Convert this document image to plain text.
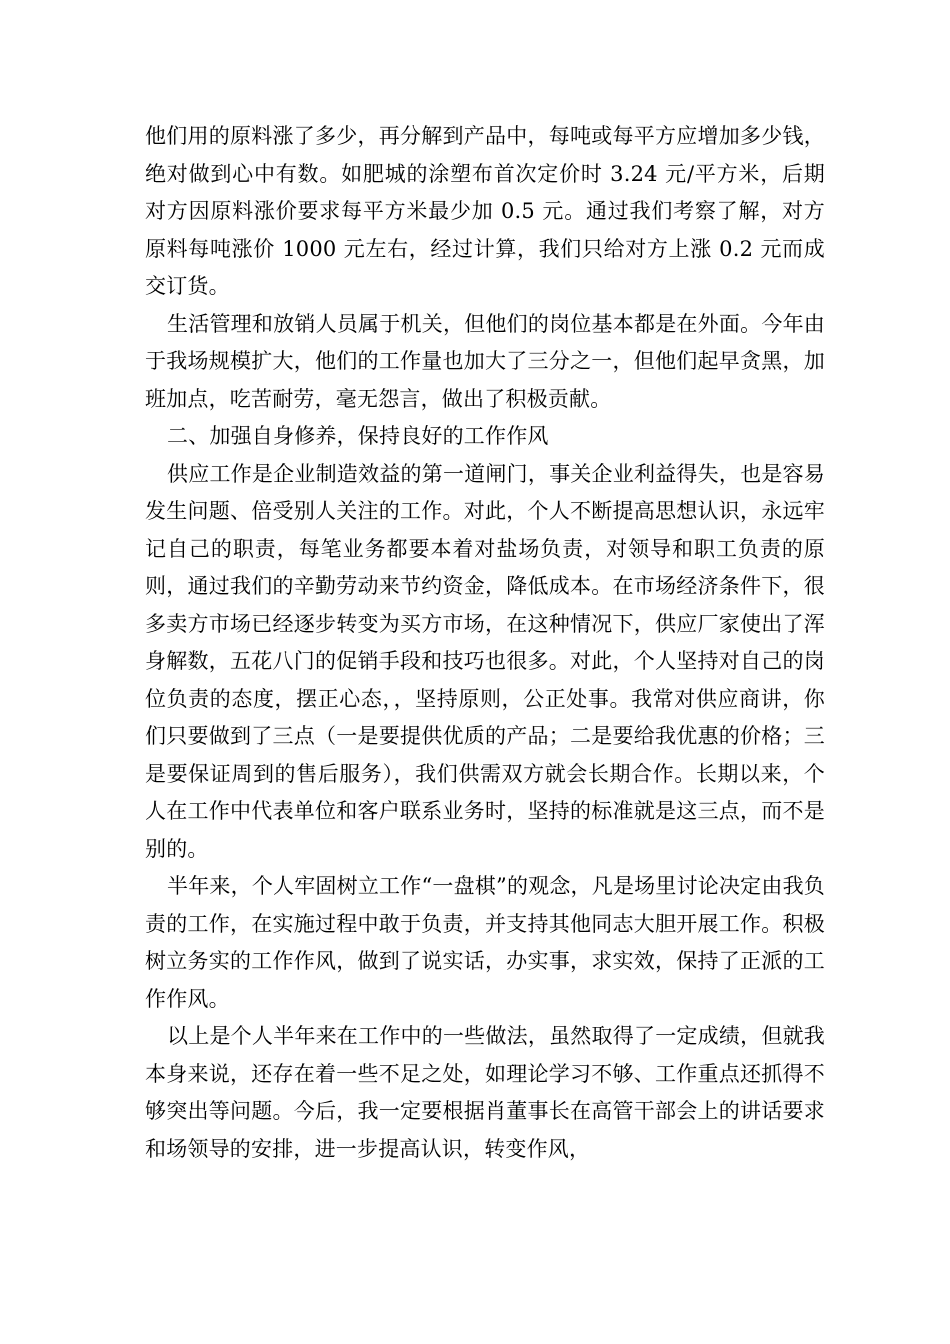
他们用的原料涨了多少，再分解到产品中，每吨或每平方应增加多少钱，绝对做到心中有数。如肥城的涂塑布首次定价时 3.24 元/平方米，后期对方因原料涨价要求每平方米最少加 0.5 元。通过我们考察了解，对方原料每吨涨价 1000 元左右，经过计算，我们只给对方上涨 0.2 元而成交订货。

生活管理和放销人员属于机关，但他们的岗位基本都是在外面。今年由于我场规模扩大，他们的工作量也加大了三分之一，但他们起早贪黑，加班加点，吃苦耐劳，毫无怨言，做出了积极贡献。

二、加强自身修养，保持良好的工作作风

供应工作是企业制造效益的第一道闸门，事关企业利益得失，也是容易发生问题、倍受别人关注的工作。对此，个人不断提高思想认识，永远牢记自己的职责，每笔业务都要本着对盐场负责，对领导和职工负责的原则，通过我们的辛勤劳动来节约资金，降低成本。在市场经济条件下，很多卖方市场已经逐步转变为买方市场，在这种情况下，供应厂家使出了浑身解数，五花八门的促销手段和技巧也很多。对此，个人坚持对自己的岗位负责的态度，摆正心态，，坚持原则，公正处事。我常对供应商讲，你们只要做到了三点（一是要提供优质的产品；二是要给我优惠的价格；三是要保证周到的售后服务），我们供需双方就会长期合作。长期以来，个人在工作中代表单位和客户联系业务时，坚持的标准就是这三点，而不是别的。

半年来，个人牢固树立工作“一盘棋”的观念，凡是场里讨论决定由我负责的工作，在实施过程中敢于负责，并支持其他同志大胆开展工作。积极树立务实的工作作风，做到了说实话，办实事，求实效，保持了正派的工作作风。

以上是个人半年来在工作中的一些做法，虽然取得了一定成绩，但就我本身来说，还存在着一些不足之处，如理论学习不够、工作重点还抓得不够突出等问题。今后，我一定要根据肖董事长在高管干部会上的讲话要求和场领导的安排，进一步提高认识，转变作风，
